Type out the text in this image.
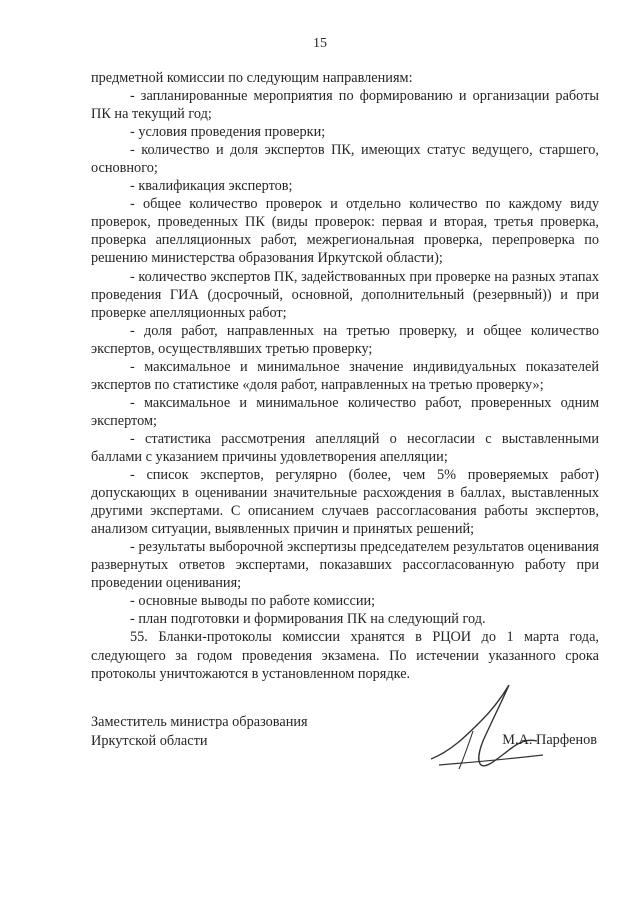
15

предметной комиссии по следующим направлениям:

- запланированные мероприятия по формированию и организации работы ПК на текущий год;

- условия проведения проверки;

- количество и доля экспертов ПК, имеющих статус ведущего, старшего, основного;

- квалификация экспертов;

- общее количество проверок и отдельно количество по каждому виду проверок, проведенных ПК (виды проверок: первая и вторая, третья проверка, проверка апелляционных работ, межрегиональная проверка, перепроверка по решению министерства образования Иркутской области);

- количество экспертов ПК, задействованных при проверке на разных этапах проведения ГИА (досрочный, основной, дополнительный (резервный)) и при проверке апелляционных работ;

- доля работ, направленных на третью проверку, и общее количество экспертов, осуществлявших третью проверку;

- максимальное и минимальное значение индивидуальных показателей экспертов по статистике «доля работ, направленных на третью проверку»;

- максимальное и минимальное количество работ, проверенных одним экспертом;

- статистика рассмотрения апелляций о несогласии с выставленными баллами с указанием причины удовлетворения апелляции;

- список экспертов, регулярно (более, чем 5% проверяемых работ) допускающих в оценивании значительные расхождения в баллах, выставленных другими экспертами. С описанием случаев рассогласования работы экспертов, анализом ситуации, выявленных причин и принятых решений;

- результаты выборочной экспертизы председателем результатов оценивания развернутых ответов экспертами, показавших рассогласованную работу при проведении оценивания;

- основные выводы по работе комиссии;

- план подготовки и формирования ПК на следующий год.

55. Бланки-протоколы комиссии хранятся в РЦОИ до 1 марта года, следующего за годом проведения экзамена. По истечении указанного срока протоколы уничтожаются в установленном порядке.

Заместитель министра образования
Иркутской области	М.А. Парфенов
